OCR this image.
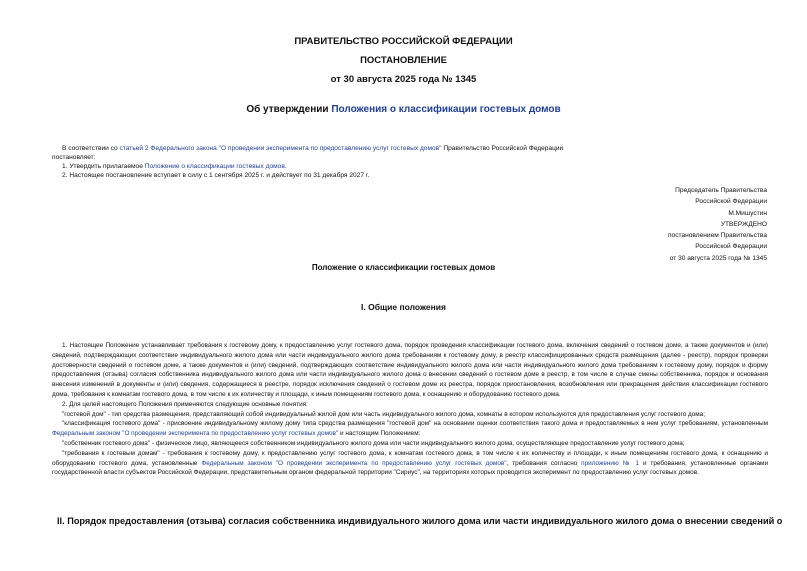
ПРАВИТЕЛЬСТВО РОССИЙСКОЙ ФЕДЕРАЦИИ
ПОСТАНОВЛЕНИЕ
от 30 августа 2025 года № 1345
Об утверждении Положения о классификации гостевых домов
В соответствии со статьей 2 Федерального закона "О проведении эксперимента по предоставлению услуг гостевых домов" Правительство Российской Федерации
постановляет:
1. Утвердить прилагаемое Положение о классификации гостевых домов.
2. Настоящее постановление вступает в силу с 1 сентября 2025 г. и действует по 31 декабря 2027 г.
Председатель Правительства
Российской Федерации
М.Мишустин
УТВЕРЖДЕНО
постановлением Правительства
Российской Федерации
от 30 августа 2025 года № 1345
Положение о классификации гостевых домов
I. Общие положения
1. Настоящее Положение устанавливает требования к гостевому дому, к предоставлению услуг гостевого дома, порядок проведения классификации гостевого дома, включения сведений о гостевом доме, а также документов и (или) сведений, подтверждающих соответствие индивидуального жилого дома или части индивидуального жилого дома требованиям к гостевому дому, в реестр классифицированных средств размещения (далее - реестр), порядок проверки достоверности сведений о гостевом доме, а также документов и (или) сведений, подтверждающих соответствие индивидуального жилого дома или части индивидуального жилого дома требованиям к гостевому дому, порядок и форму предоставления (отзыва) согласия собственника индивидуального жилого дома или части индивидуального жилого дома о внесении сведений о гостевом доме в реестр, в том числе в случае смены собственника, порядок и основания внесения изменений в документы и (или) сведения, содержащиеся в реестре, порядок исключения сведений о гостевом доме из реестра, порядок приостановления, возобновления или прекращения действия классификации гостевого дома, требования к комнатам гостевого дома, в том числе к их количеству и площади, к иным помещениям гостевого дома, к оснащению и оборудованию гостевого дома.
2. Для целей настоящего Положения применяются следующие основные понятия:
"гостевой дом" - тип средства размещения, представляющий собой индивидуальный жилой дом или часть индивидуального жилого дома, комнаты в котором используются для предоставления услуг гостевого дома;
"классификация гостевого дома" - присвоение индивидуальному жилому дому типа средства размещения "гостевой дом" на основании оценки соответствия такого дома и предоставляемых в нем услуг требованиям, установленным Федеральным законом "О проведении эксперимента по предоставлению услуг гостевых домов" и настоящим Положением;
"собственник гостевого дома" - физическое лицо, являющееся собственником индивидуального жилого дома или части индивидуального жилого дома, осуществляющее предоставление услуг гостевого дома;
"требования к гостевым домам" - требования к гостевому дому, к предоставлению услуг гостевого дома, к комнатам гостевого дома, в том числе к их количеству и площади, к иным помещениям гостевого дома, к оснащению и оборудованию гостевого дома, установленные Федеральным законом "О проведении эксперимента по предоставлению услуг гостевых домов", требования согласно приложению № 1 и требования, установленные органами государственной власти субъектов Российской Федерации, представительным органом федеральной территории "Сириус", на территориях которых проводится эксперимент по предоставлению услуг гостевых домов.
II. Порядок предоставления (отзыва) согласия собственника индивидуального жилого дома или части индивидуального жилого дома о внесении сведений о
